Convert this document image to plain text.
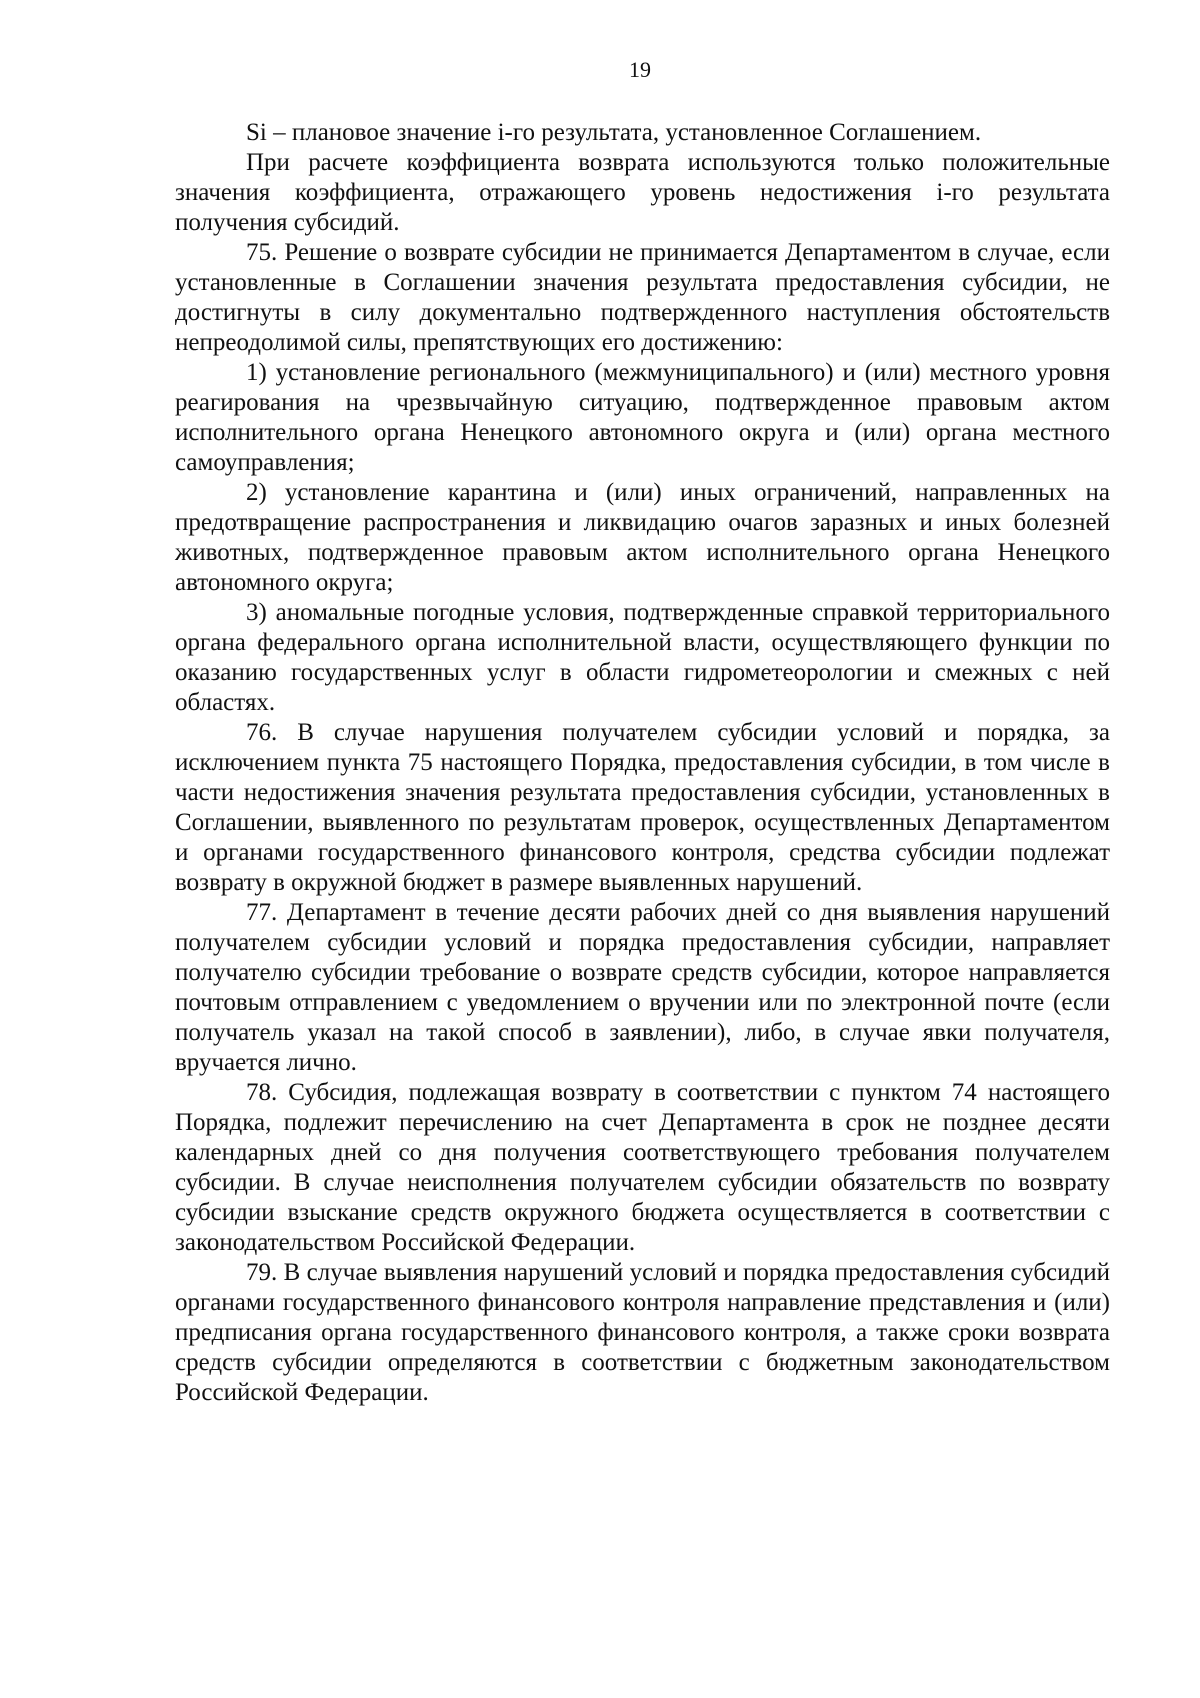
19

Si – плановое значение i-го результата, установленное Соглашением.

При расчете коэффициента возврата используются только положительные значения коэффициента, отражающего уровень недостижения i-го результата получения субсидий.

75. Решение о возврате субсидии не принимается Департаментом в случае, если установленные в Соглашении значения результата предоставления субсидии, не достигнуты в силу документально подтвержденного наступления обстоятельств непреодолимой силы, препятствующих его достижению:

1) установление регионального (межмуниципального) и (или) местного уровня реагирования на чрезвычайную ситуацию, подтвержденное правовым актом исполнительного органа Ненецкого автономного округа и (или) органа местного самоуправления;

2) установление карантина и (или) иных ограничений, направленных на предотвращение распространения и ликвидацию очагов заразных и иных болезней животных, подтвержденное правовым актом исполнительного органа Ненецкого автономного округа;

3) аномальные погодные условия, подтвержденные справкой территориального органа федерального органа исполнительной власти, осуществляющего функции по оказанию государственных услуг в области гидрометеорологии и смежных с ней областях.

76. В случае нарушения получателем субсидии условий и порядка, за исключением пункта 75 настоящего Порядка, предоставления субсидии, в том числе в части недостижения значения результата предоставления субсидии, установленных в Соглашении, выявленного по результатам проверок, осуществленных Департаментом и органами государственного финансового контроля, средства субсидии подлежат возврату в окружной бюджет в размере выявленных нарушений.

77. Департамент в течение десяти рабочих дней со дня выявления нарушений получателем субсидии условий и порядка предоставления субсидии, направляет получателю субсидии требование о возврате средств субсидии, которое направляется почтовым отправлением с уведомлением о вручении или по электронной почте (если получатель указал на такой способ в заявлении), либо, в случае явки получателя, вручается лично.

78. Субсидия, подлежащая возврату в соответствии с пунктом 74 настоящего Порядка, подлежит перечислению на счет Департамента в срок не позднее десяти календарных дней со дня получения соответствующего требования получателем субсидии. В случае неисполнения получателем субсидии обязательств по возврату субсидии взыскание средств окружного бюджета осуществляется в соответствии с законодательством Российской Федерации.

79. В случае выявления нарушений условий и порядка предоставления субсидий органами государственного финансового контроля направление представления и (или) предписания органа государственного финансового контроля, а также сроки возврата средств субсидии определяются в соответствии с бюджетным законодательством Российской Федерации.
